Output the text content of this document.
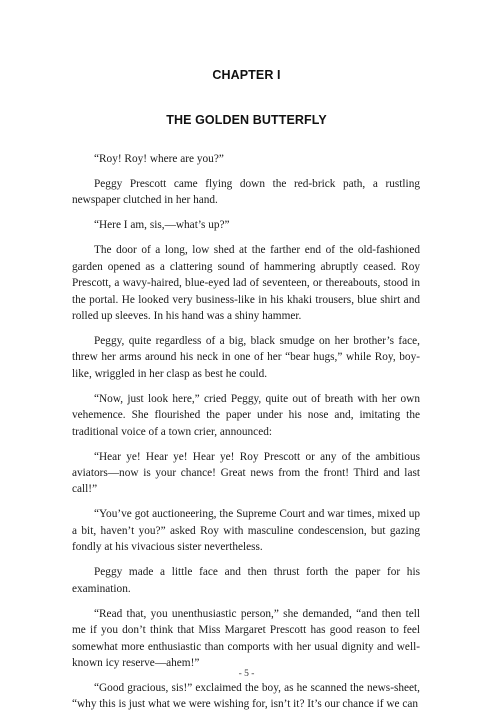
CHAPTER I
THE GOLDEN BUTTERFLY

“Roy! Roy! where are you?”

Peggy Prescott came flying down the red-brick path, a rustling newspaper clutched in her hand.

“Here I am, sis,—what’s up?”

The door of a long, low shed at the farther end of the old-fashioned garden opened as a clattering sound of hammering abruptly ceased. Roy Prescott, a wavy-haired, blue-eyed lad of seventeen, or thereabouts, stood in the portal. He looked very business-like in his khaki trousers, blue shirt and rolled up sleeves. In his hand was a shiny hammer.

Peggy, quite regardless of a big, black smudge on her brother’s face, threw her arms around his neck in one of her “bear hugs,” while Roy, boy-like, wriggled in her clasp as best he could.

“Now, just look here,” cried Peggy, quite out of breath with her own vehemence. She flourished the paper under his nose and, imitating the traditional voice of a town crier, announced:

“Hear ye! Hear ye! Hear ye! Roy Prescott or any of the ambitious aviators—now is your chance! Great news from the front! Third and last call!”

“You’ve got auctioneering, the Supreme Court and war times, mixed up a bit, haven’t you?” asked Roy with masculine condescension, but gazing fondly at his vivacious sister nevertheless.

Peggy made a little face and then thrust forth the paper for his examination.

“Read that, you unenthusiastic person,” she demanded, “and then tell me if you don’t think that Miss Margaret Prescott has good reason to feel somewhat more enthusiastic than comports with her usual dignity and well-known icy reserve—ahem!”

“Good gracious, sis!” exclaimed the boy, as he scanned the news-sheet, “why this is just what we were wishing for, isn’t it? It’s our chance if we can

- 5 -
